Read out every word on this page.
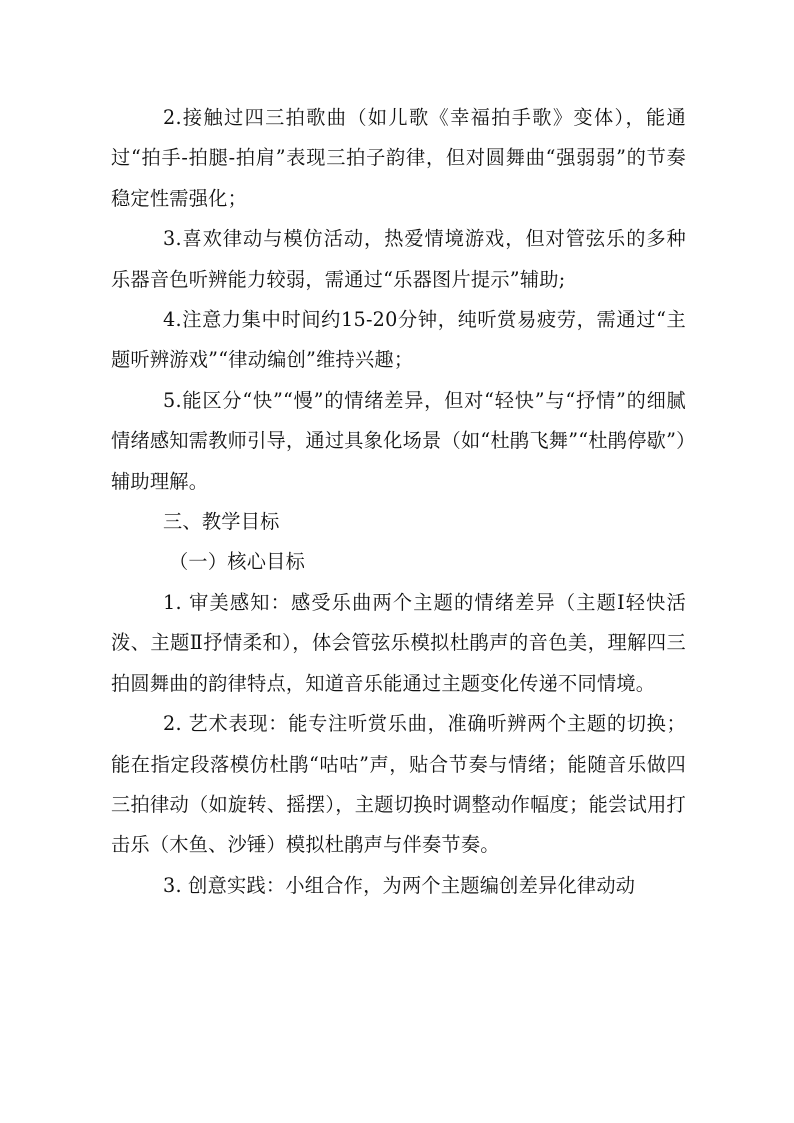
2.接触过四三拍歌曲（如儿歌《幸福拍手歌》变体），能通过“拍手-拍腿-拍肩”表现三拍子韵律，但对圆舞曲“强弱弱”的节奏稳定性需强化；

3.喜欢律动与模仿活动，热爱情境游戏，但对管弦乐的多种乐器音色听辨能力较弱，需通过“乐器图片提示”辅助;

4.注意力集中时间约15-20分钟，纯听赏易疲劳，需通过“主题听辨游戏”“律动编创”维持兴趣；

5.能区分“快”“慢”的情绪差异，但对“轻快”与“抒情”的细腻情绪感知需教师引导，通过具象化场景（如“杜鹃飞舞”“杜鹃停歇”）辅助理解。

三、教学目标

（一）核心目标

1. 审美感知：感受乐曲两个主题的情绪差异（主题Ⅰ轻快活泼、主题Ⅱ抒情柔和），体会管弦乐模拟杜鹃声的音色美，理解四三拍圆舞曲的韵律特点，知道音乐能通过主题变化传递不同情境。

2. 艺术表现：能专注听赏乐曲，准确听辨两个主题的切换；能在指定段落模仿杜鹃“咕咕”声，贴合节奏与情绪；能随音乐做四三拍律动（如旋转、摇摆），主题切换时调整动作幅度；能尝试用打击乐（木鱼、沙锤）模拟杜鹃声与伴奏节奏。

3. 创意实践：小组合作，为两个主题编创差异化律动动
